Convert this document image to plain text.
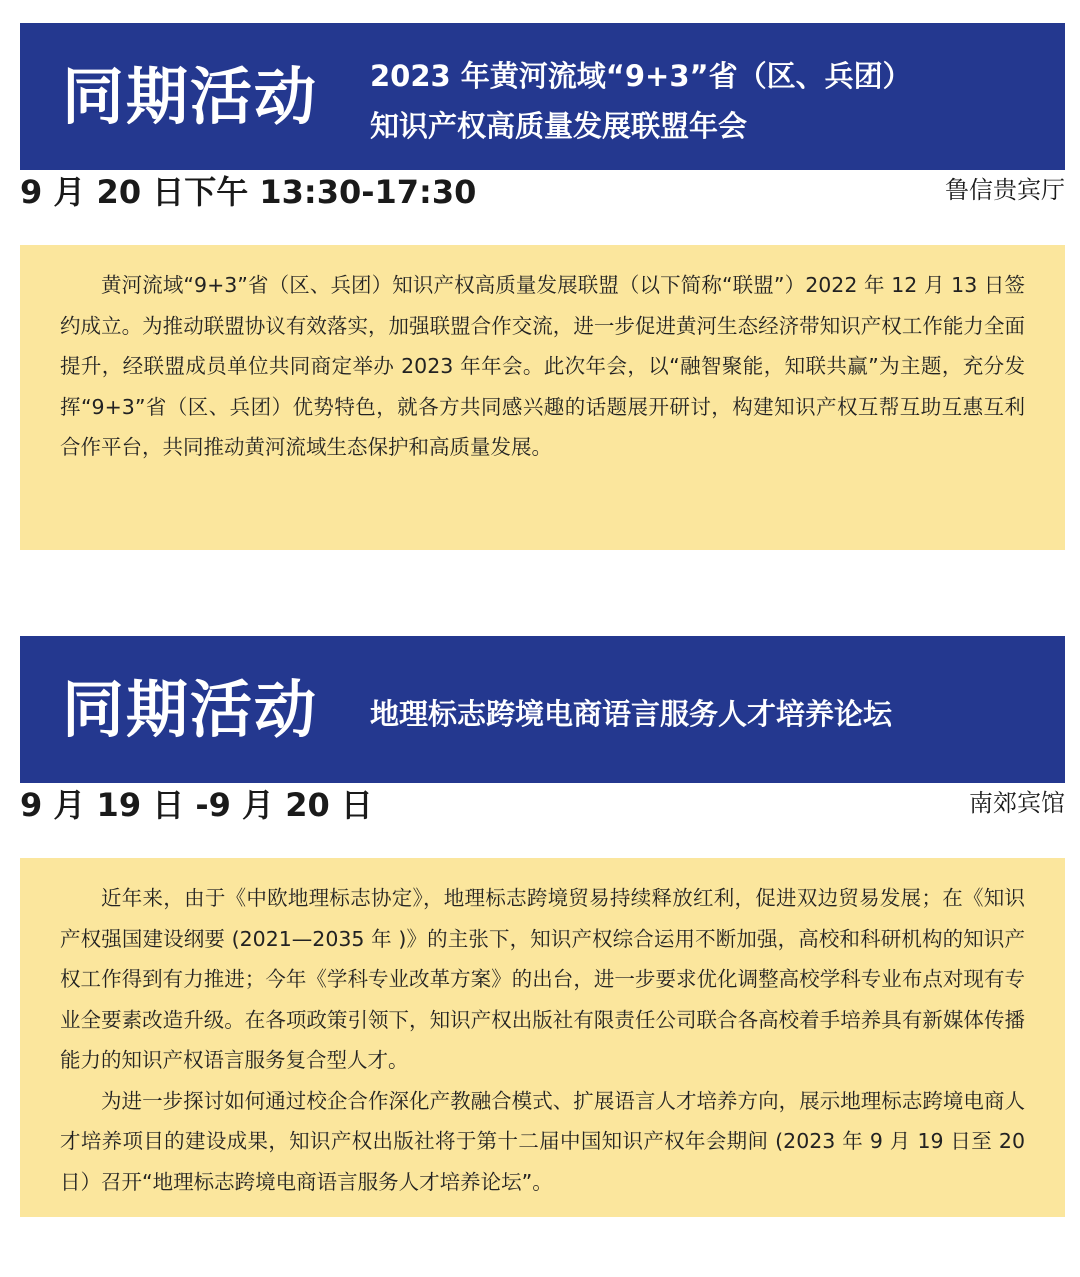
同期活动 2023 年黄河流域“9+3”省（区、兵团）
知识产权高质量发展联盟年会
9 月 20 日下午 13:30-17:30	鲁信贵宾厅

黄河流域“9+3”省（区、兵团）知识产权高质量发展联盟（以下简称“联盟”）2022 年 12 月 13 日签约成立。为推动联盟协议有效落实，加强联盟合作交流，进一步促进黄河生态经济带知识产权工作能力全面提升，经联盟成员单位共同商定举办 2023 年年会。此次年会，以“融智聚能，知联共赢”为主题，充分发挥“9+3”省（区、兵团）优势特色，就各方共同感兴趣的话题展开研讨，构建知识产权互帮互助互惠互利合作平台，共同推动黄河流域生态保护和高质量发展。

同期活动 地理标志跨境电商语言服务人才培养论坛
9 月 19 日 -9 月 20 日	南郊宾馆

近年来，由于《中欧地理标志协定》，地理标志跨境贸易持续释放红利，促进双边贸易发展；在《知识产权强国建设纲要 (2021—2035 年 )》的主张下，知识产权综合运用不断加强，高校和科研机构的知识产权工作得到有力推进；今年《学科专业改革方案》的出台，进一步要求优化调整高校学科专业布点对现有专业全要素改造升级。在各项政策引领下，知识产权出版社有限责任公司联合各高校着手培养具有新媒体传播能力的知识产权语言服务复合型人才。

为进一步探讨如何通过校企合作深化产教融合模式、扩展语言人才培养方向，展示地理标志跨境电商人才培养项目的建设成果，知识产权出版社将于第十二届中国知识产权年会期间 (2023 年 9 月 19 日至 20 日）召开“地理标志跨境电商语言服务人才培养论坛”。
